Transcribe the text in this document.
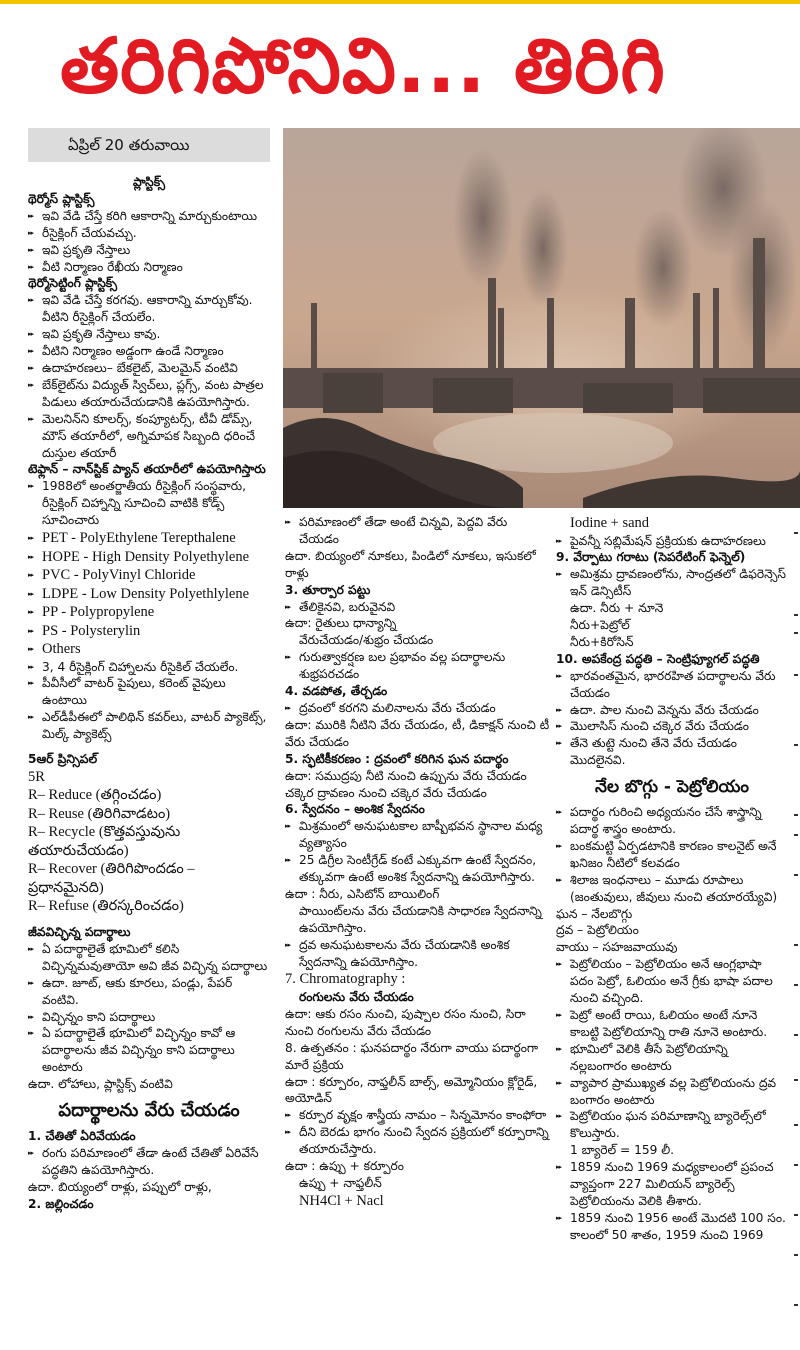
తరిగిపోనివి... తిరిగి
ఏప్రిల్ 20 తరువాయి
ప్లాస్టిక్స్
థెర్మోస్ ప్లాస్టిక్స్
▸▸ ఇవి వేడి చేస్తే కరిగి ఆకారాన్ని మార్చుకుంటాయి
▸▸ రీసైక్లింగ్ చేయవచ్చు.
▸▸ ఇవి ప్రకృతి నేస్తాలు
▸▸ వీటి నిర్మాణం రేఖీయ నిర్మాణం
థెర్మోసెట్టింగ్ ప్లాస్టిక్స్
▸▸ ఇవి వేడి చేస్తే కరగవు. ఆకారాన్ని మార్చుకోవు. వీటిని రీసైక్లింగ్ చేయలేం.
▸▸ ఇవి ప్రకృతి నేస్తాలు కావు.
▸▸ వీటిని నిర్మాణం అడ్డంగా ఉండే నిర్మాణం
▸▸ ఉదాహరణలు– బేకలైట్, మెలమైన్ వంటివి
▸▸ బేక్‌లైట్‌ను విద్యుత్ స్విచ్‌లు, ప్లగ్స్, వంట పాత్రల పిడులు తయారుచేయడానికి ఉపయోగిస్తారు.
▸▸ మెలనిన్‌ని కూలర్స్, కంప్యూటర్స్, టీవీ డోమ్స్, మౌస్ తయారీలో, అగ్నిమాపక సిబ్బంది ధరించే దుస్తుల తయారీ
టెఫ్లాన్ – నాన్‌స్టిక్ ప్యాన్ తయారీలో ఉపయోగిస్తారు
▸▸ 1988లో అంతర్జాతీయ రీసైక్లింగ్ సంస్థవారు, రీసైక్లింగ్ చిహ్నాన్ని సూచించి వాటికి కోడ్స్ సూచించారు
▸▸ PET - PolyEthylene Terepthalene
▸▸ HOPE - High Density Polyethylene
▸▸ PVC - PolyVinyl Chloride
▸▸ LDPE - Low Density Polyethlylene
▸▸ PP - Polypropylene
▸▸ PS - Polysterylin
▸▸ Others
▸▸ 3, 4 రీసైక్లింగ్ చిహ్నాలను రీసైకిల్ చేయలేం.
▸▸ పీవీసీలో వాటర్ పైపులు, కరెంట్ వైపులు ఉంటాయి
▸▸ ఎల్‌డీపీఈలో పాలిథిన్ కవర్‌లు, వాటర్ ప్యాకెట్స్, మిల్క్ ప్యాకెట్స్
5ఆర్ ప్రిన్సిపల్
5R
R– Reduce (తగ్గించడం)
R– Reuse (తిరిగివాడటం)
R– Recycle (కొత్తవస్తువును తయారుచేయడం)
R– Recover (తిరిగిపొందడం – ప్రధానమైనది)
R– Refuse (తిరస్కరించడం)
జీవవిచ్ఛిన్న పదార్థాలు
▸▸ ఏ పదార్థాలైతే భూమిలో కలిసి విచ్ఛిన్నమవుతాయో అవి జీవ విచ్ఛిన్న పదార్థాలు
▸▸ ఉదా. జూట్, ఆకు కూరలు, పండ్లు, పేపర్ వంటివి.
▸▸ విచ్ఛిన్నం కాని పదార్థాలు
▸▸ ఏ పదార్థాలైతే భూమిలో విచ్ఛిన్నం కావో ఆ పదార్థాలను జీవ విచ్ఛిన్నం కాని పదార్థాలు అంటారు
ఉదా. లోహాలు, ప్లాస్టిక్స్ వంటివి
పదార్థాలను వేరు చేయడం
1. చేతితో ఏరివేయడం
▸▸ రంగు పరిమాణంలో తేడా ఉంటే చేతితో ఏరివేసే పద్ధతిని ఉపయోగిస్తారు.
ఉదా. బియ్యంలో రాళ్లు, పప్పులో రాళ్లు,
2. జల్లించడం
▸▸ పరిమాణంలో తేడా అంటే చిన్నవి, పెద్దవి వేరు చేయడం
ఉదా. బియ్యంలో నూకలు, పిండిలో నూకలు, ఇసుకలో రాళ్లు
3. తూర్పార పట్టు
▸▸ తేలికైనవి, బరువైనవి
ఉదా: రైతులు ధాన్యాన్ని
వేరుచేయడం/శుభ్రం చేయడం
▸▸ గురుత్వాకర్షణ బల ప్రభావం వల్ల పదార్థాలను శుభ్రపరచడం
4. వడపోత, తేర్చడం
▸▸ ద్రవంలో కరగని మలినాలను వేరు చేయడం
ఉదా: మురికి నీటిని వేరు చేయడం, టీ, డికాక్షన్ నుంచి టీ వేరు చేయడం
5. స్ఫటికీకరణం : ద్రవంలో కరిగిన ఘన పదార్థం
ఉదా: సముద్రపు నీటి నుంచి ఉప్పును వేరు చేయడం
చక్కెర ద్రావణం నుంచి చక్కెర వేరు చేయడం
6. స్వేదనం – అంశిక స్వేదనం
▸▸ మిశ్రమంలో అనుఘటకాల బాష్పీభవన స్థానాల మధ్య వ్యత్యాసం
▸▸ 25 డిగ్రీల సెంటీగ్రేడ్ కంటే ఎక్కువగా ఉంటే స్వేదనం, తక్కువగా ఉంటే అంశిక స్వేదనాన్ని ఉపయోగిస్తారు.
ఉదా : నీరు, ఎసిటోన్ బాయిలింగ్
పాయింట్‌లను వేరు చేయడానికి సాధారణ స్వేదనాన్ని ఉపయోగిస్తాం.
▸▸ ద్రవ అనుఘటకాలను వేరు చేయడానికి అంశిక స్వేదనాన్ని ఉపయోగిస్తాం.
7. Chromatography :
రంగులను వేరు చేయడం
ఉదా: ఆకు రసం నుంచి, పుష్పాల రసం నుంచి, సిరా నుంచి రంగులను వేరు చేయడం
8. ఉత్పతనం : ఘనపదార్థం నేరుగా వాయు పదార్థంగా మారే ప్రక్రియ
ఉదా : కర్పూరం, నాఫ్తలీన్ బాల్స్, అమ్మోనియం క్లోరైడ్, అయోడిన్
▸▸ కర్పూర వృక్షం శాస్త్రీయ నామం – సిన్నమోనం కాంఫోరా
▸▸ దీని బెరడు భాగం నుంచి స్వేదన ప్రక్రియలో కర్పూరాన్ని తయారుచేస్తారు.
ఉదా : ఉప్పు + కర్పూరం
ఉప్పు + నాఫ్తలీన్
NH4Cl + Nacl
Iodine + sand
▸▸ పైవన్నీ సబ్లిమేషన్ ప్రక్రియకు ఉదాహరణలు
9. వేర్పాటు గరాటు (సెపరేటింగ్ ఫెన్నెల్)
▸▸ అమిశ్రమ ద్రావణంలోను, సాంద్రతలో డిఫరెన్సెస్ ఇన్ డెన్సిటీస్
ఉదా. నీరు + నూనె
నీరు+పెట్రోల్
నీరు+కిరోసిన్
10. అపకేంద్ర పద్ధతి – సెంట్రిఫ్యూగల్ పద్ధతి
▸▸ భారవంతమైన, భారరహిత పదార్థాలను వేరు చేయడం
▸▸ ఉదా. పాల నుంచి వెన్నను వేరు చేయడం
▸▸ మొలాసిస్ నుంచి చక్కెర వేరు చేయడం
▸▸ తేనె తుట్టె నుంచి తేనె వేరు చేయడం మొదలైనవి.
నేల బొగ్గు - పెట్రోలియం
▸▸ పదార్థం గురించి అధ్యయనం చేసే శాస్త్రాన్ని పదార్థ శాస్త్రం అంటారు.
▸▸ బంకమట్టి ఏర్పడటానికి కారణం కాలనైట్ అనే ఖనిజం నీటిలో కలవడం
▸▸ శిలాజ ఇంధనాలు – మూడు రూపాలు (జంతువులు, జీవులు నుంచి తయారయ్యేవి)
ఘన – నేలబొగ్గు
ద్రవ – పెట్రోలియం
వాయు – సహజవాయువు
▸▸ పెట్రోలియం – పెట్రోలియం అనే ఆంగ్లభాషా పదం పెట్రో, ఓలియం అనే గ్రీకు భాషా పదాల నుంచి వచ్చింది.
▸▸ పెట్రో అంటే రాయి, ఓలియం అంటే నూనె కాబట్టి పెట్రోలియాన్ని రాతి నూనె అంటారు.
▸▸ భూమిలో వెలికి తీసే పెట్రోలియాన్ని నల్లబంగారం అంటారు
▸▸ వ్యాపార ప్రాముఖ్యత వల్ల పెట్రోలియంను ద్రవ బంగారం అంటారు
▸▸ పెట్రోలియం ఘన పరిమాణాన్ని బ్యారెల్స్‌లో కొలుస్తారు.
1 బ్యారెల్ = 159 లీ.
▸▸ 1859 నుంచి 1969 మధ్యకాలంలో ప్రపంచ వ్యాప్తంగా 227 మిలియన్ బ్యారెల్స్ పెట్రోలియంను వెలికి తీశారు.
▸▸ 1859 నుంచి 1956 అంటే మొదటి 100 సం. కాలంలో 50 శాతం, 1959 నుంచి 1969
